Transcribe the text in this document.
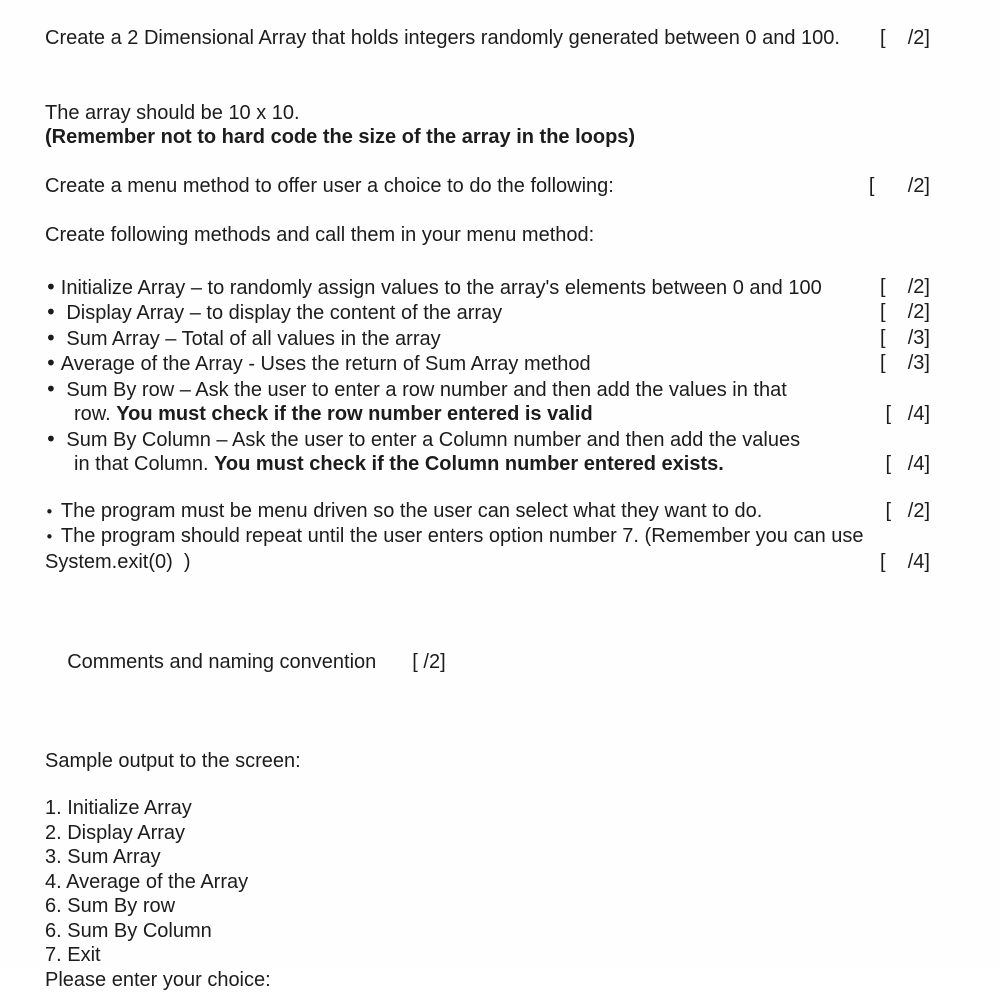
Create a 2 Dimensional Array that holds integers randomly generated between 0 and 100. [    /2]
The array should be 10 x 10.
(Remember not to hard code the size of the array in the loops)
Create a menu method to offer user a choice to do the following:	[      /2]
Create following methods and call them in your menu method:
• Initialize Array – to randomly assign values to the array's elements between 0 and 100	[    /2]
• Display Array – to display the content of the array	[    /2]
• Sum Array – Total of all values in the array	[    /3]
• Average of the Array - Uses the return of Sum Array method	[    /3]
• Sum By row – Ask the user to enter a row number and then add the values in that
row. You must check if the row number entered is valid	[   /4]
• Sum By Column – Ask the user to enter a Column number and then add the values
in that Column. You must check if the Column number entered exists.	[   /4]
• The program must be menu driven so the user can select what they want to do.	[   /2]
• The program should repeat until the user enters option number 7. (Remember you can use
System.exit(0)  )	[    /4]

Comments and naming convention [ /2]

Sample output to the screen:
1. Initialize Array
2. Display Array
3. Sum Array
4. Average of the Array
6. Sum By row
6. Sum By Column
7. Exit
Please enter your choice:
